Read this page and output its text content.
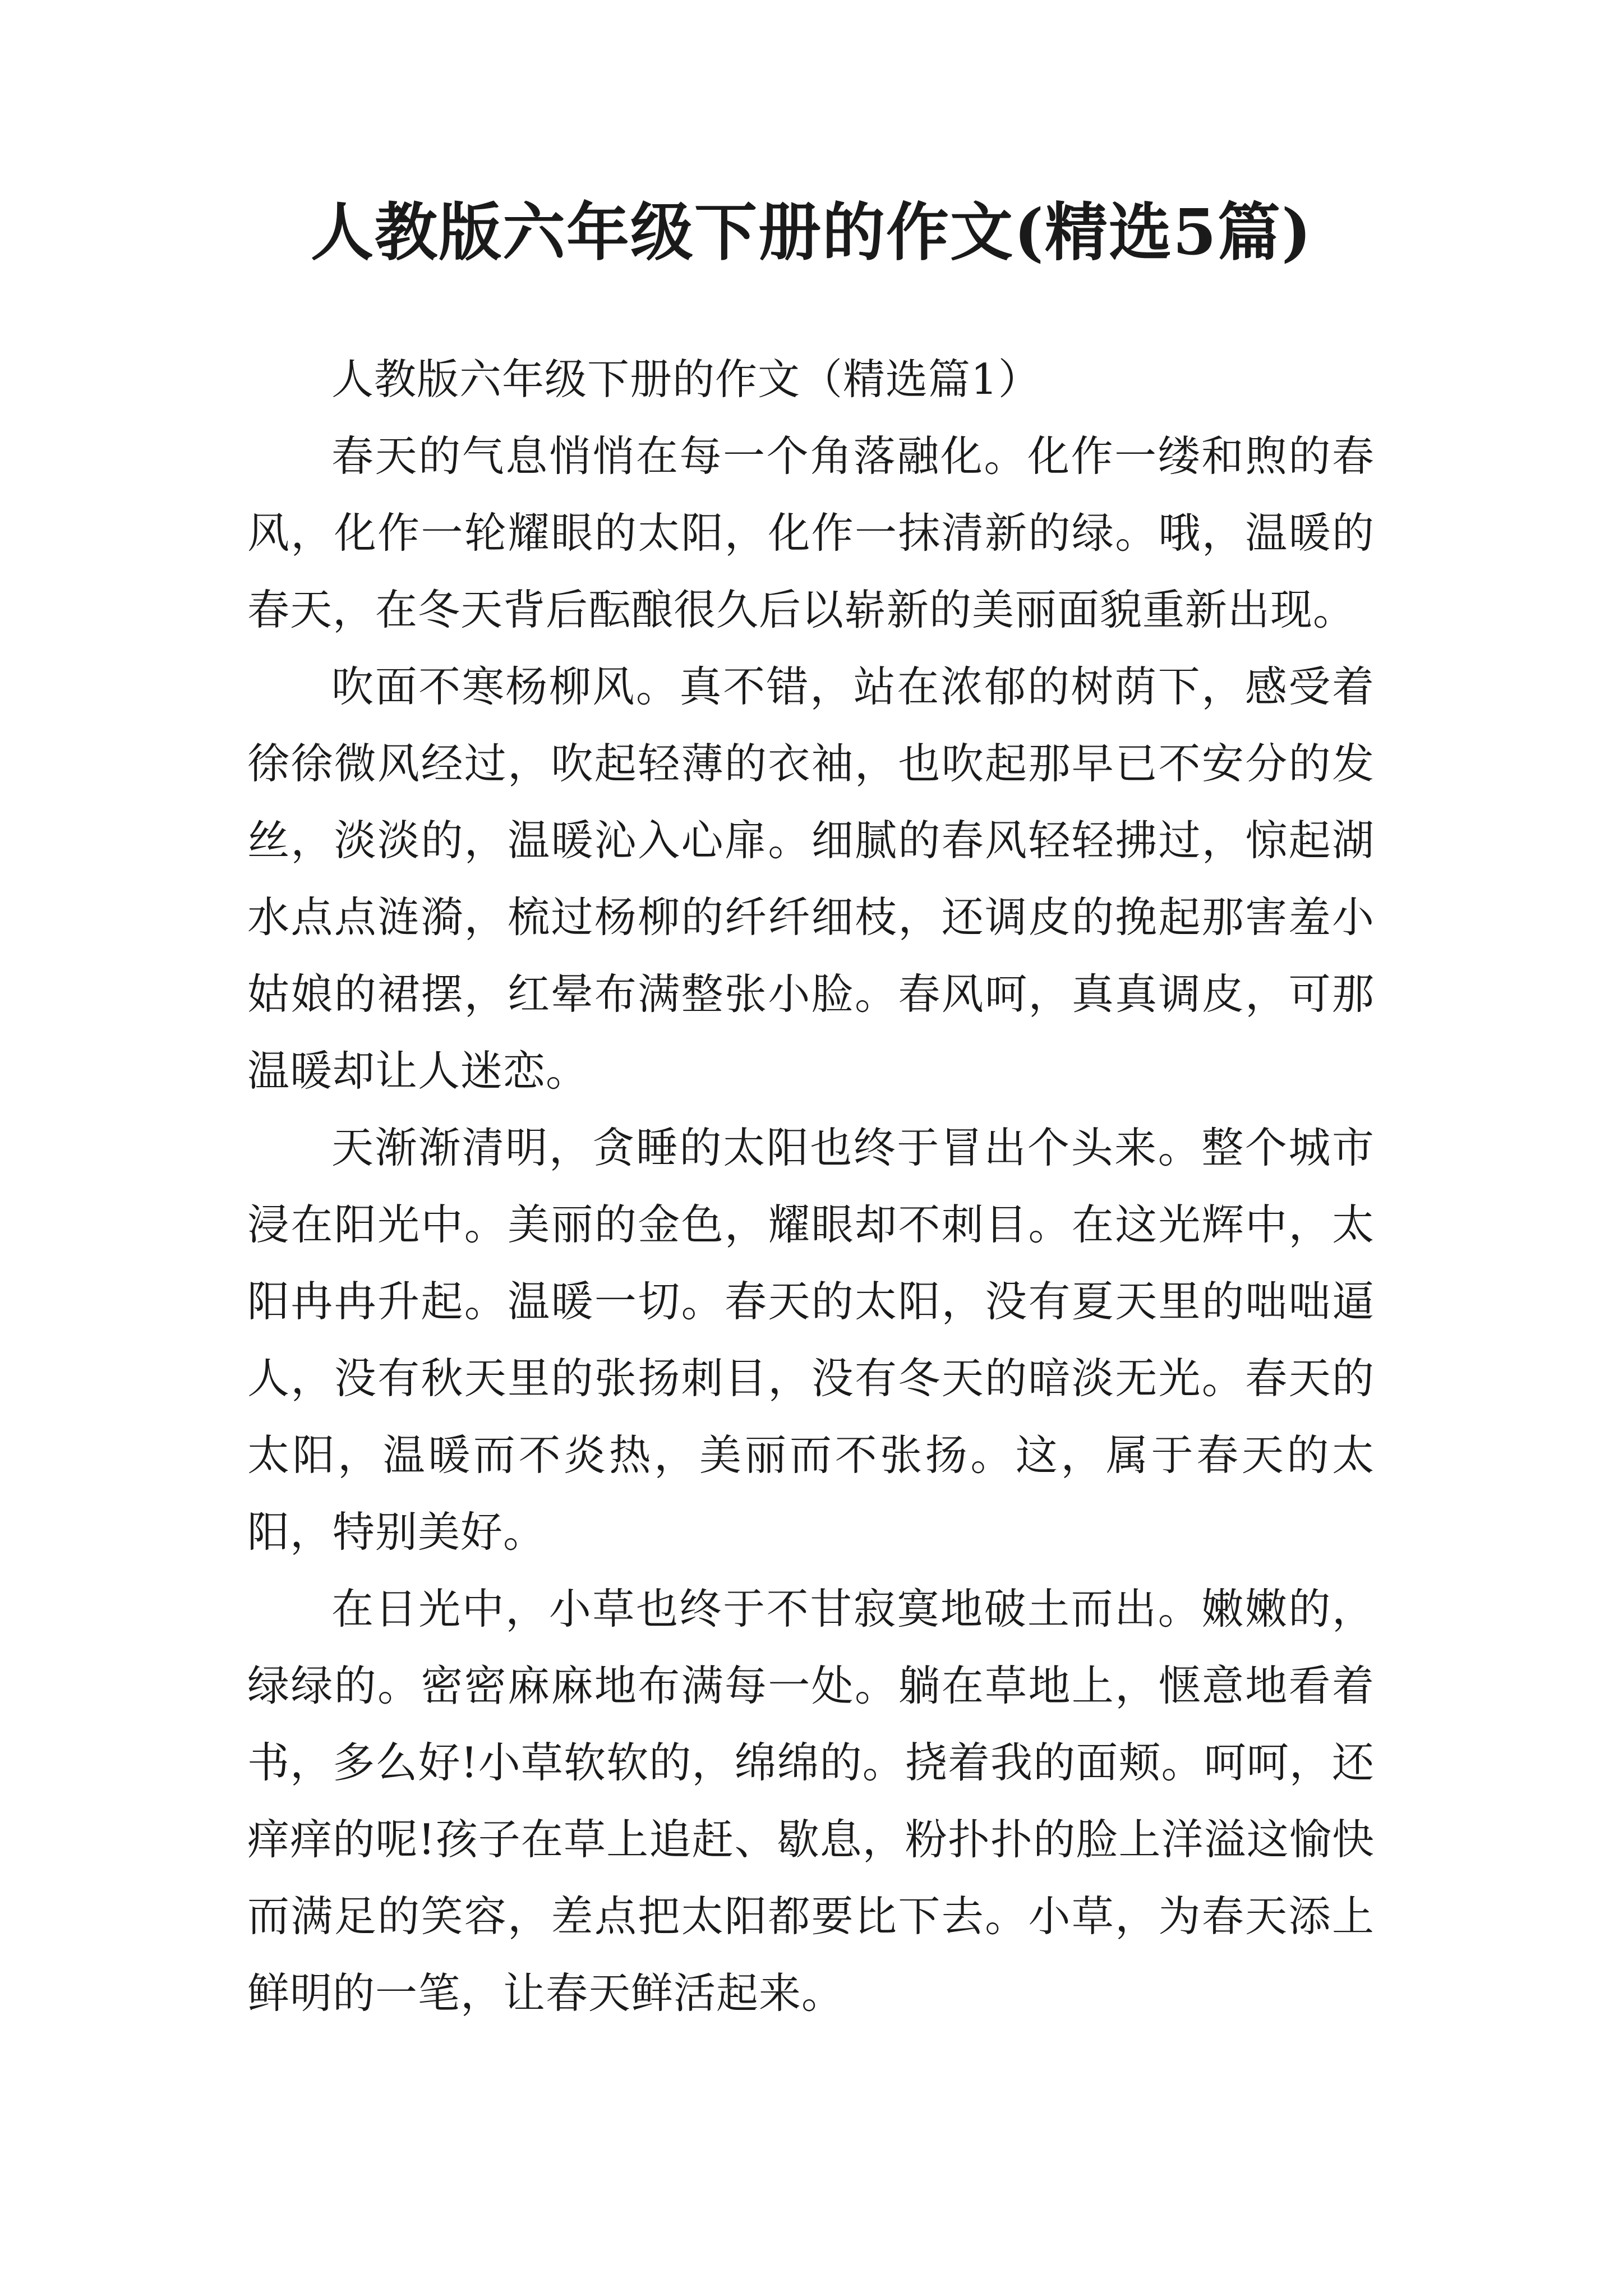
人教版六年级下册的作文(精选5篇)

人教版六年级下册的作文（精选篇1）

春天的气息悄悄在每一个角落融化。化作一缕和煦的春风，化作一轮耀眼的太阳，化作一抹清新的绿。哦，温暖的春天，在冬天背后酝酿很久后以崭新的美丽面貌重新出现。

吹面不寒杨柳风。真不错，站在浓郁的树荫下，感受着徐徐微风经过，吹起轻薄的衣袖，也吹起那早已不安分的发丝，淡淡的，温暖沁入心扉。细腻的春风轻轻拂过，惊起湖水点点涟漪，梳过杨柳的纤纤细枝，还调皮的挽起那害羞小姑娘的裙摆，红晕布满整张小脸。春风呵，真真调皮，可那温暖却让人迷恋。

天渐渐清明，贪睡的太阳也终于冒出个头来。整个城市浸在阳光中。美丽的金色，耀眼却不刺目。在这光辉中，太阳冉冉升起。温暖一切。春天的太阳，没有夏天里的咄咄逼人，没有秋天里的张扬刺目，没有冬天的暗淡无光。春天的太阳，温暖而不炎热，美丽而不张扬。这，属于春天的太阳，特别美好。

在日光中，小草也终于不甘寂寞地破土而出。嫩嫩的，绿绿的。密密麻麻地布满每一处。躺在草地上，惬意地看着书，多么好!小草软软的，绵绵的。挠着我的面颊。呵呵，还痒痒的呢!孩子在草上追赶、歇息，粉扑扑的脸上洋溢这愉快而满足的笑容，差点把太阳都要比下去。小草，为春天添上鲜明的一笔，让春天鲜活起来。
